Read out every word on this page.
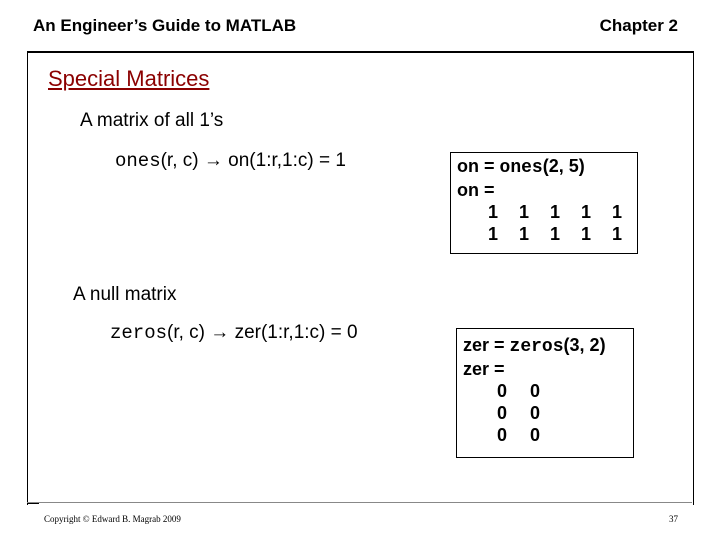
An Engineer’s Guide to MATLAB	Chapter 2
Special Matrices
A matrix of all 1’s
ones(r, c) → on(1:r,1:c) = 1	on = ones(2, 5)
on =
1	1	1	1	1
1	1	1	1	1
A null matrix
zeros(r, c) → zer(1:r,1:c) = 0
zer = zeros(3, 2)
zer =
0	0
0	0
0	0
Copyright © Edward B. Magrab 2009	37
